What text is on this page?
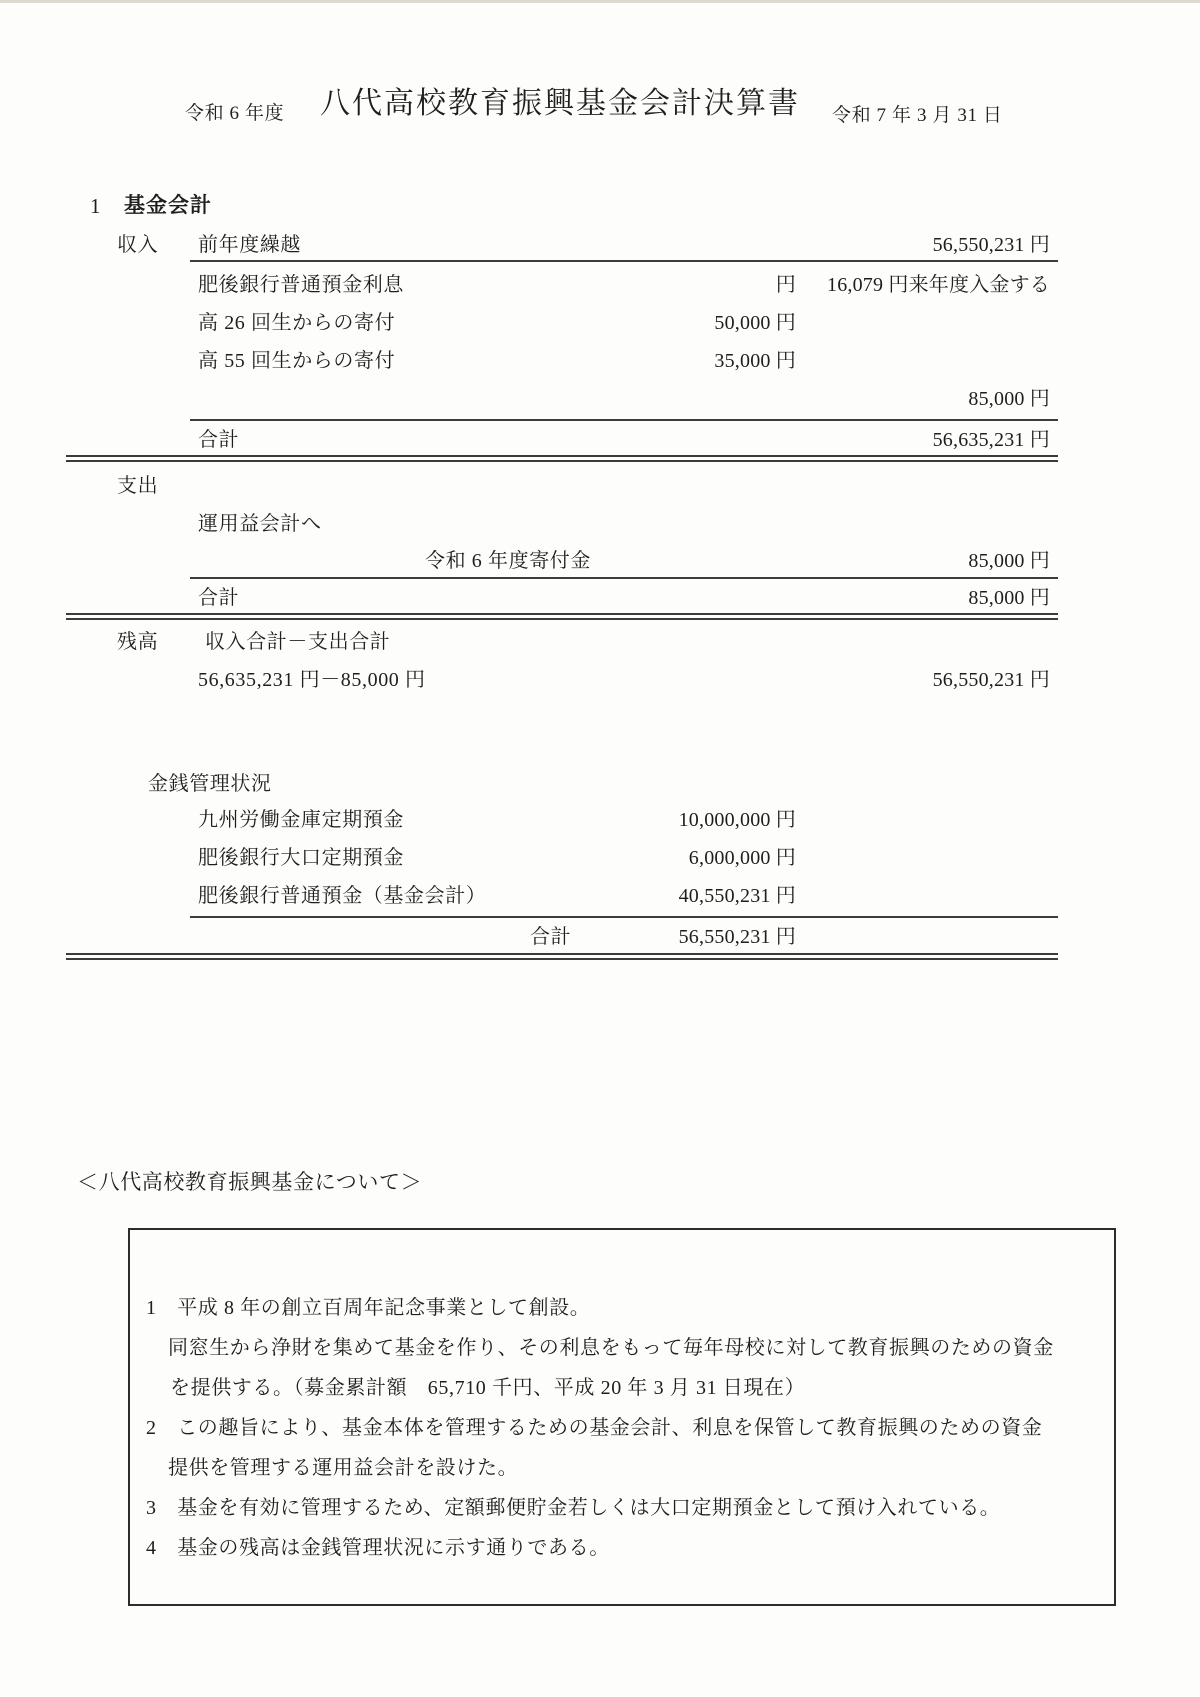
令和 6 年度 八代高校教育振興基金会計決算書 令和 7 年 3 月 31 日
1 基金会計
収入 前年度繰越	56,550,231 円
肥後銀行普通預金利息	円	16,079 円来年度入金する
高 26 回生からの寄付	50,000 円
高 55 回生からの寄付	35,000 円
85,000 円
合計	56,635,231 円
支出
運用益会計へ
令和 6 年度寄付金	85,000 円
合計	85,000 円
残高 収入合計－支出合計
56,635,231 円－85,000 円	56,550,231 円
金銭管理状況
九州労働金庫定期預金	10,000,000 円
肥後銀行大口定期預金	6,000,000 円
肥後銀行普通預金（基金会計）	40,550,231 円
合計	56,550,231 円
＜八代高校教育振興基金について＞
1　平成 8 年の創立百周年記念事業として創設。
同窓生から浄財を集めて基金を作り、その利息をもって毎年母校に対して教育振興のための資金
を提供する。（募金累計額　65,710 千円、平成 20 年 3 月 31 日現在）
2　この趣旨により、基金本体を管理するための基金会計、利息を保管して教育振興のための資金
提供を管理する運用益会計を設けた。
3　基金を有効に管理するため、定額郵便貯金若しくは大口定期預金として預け入れている。
4　基金の残高は金銭管理状況に示す通りである。
